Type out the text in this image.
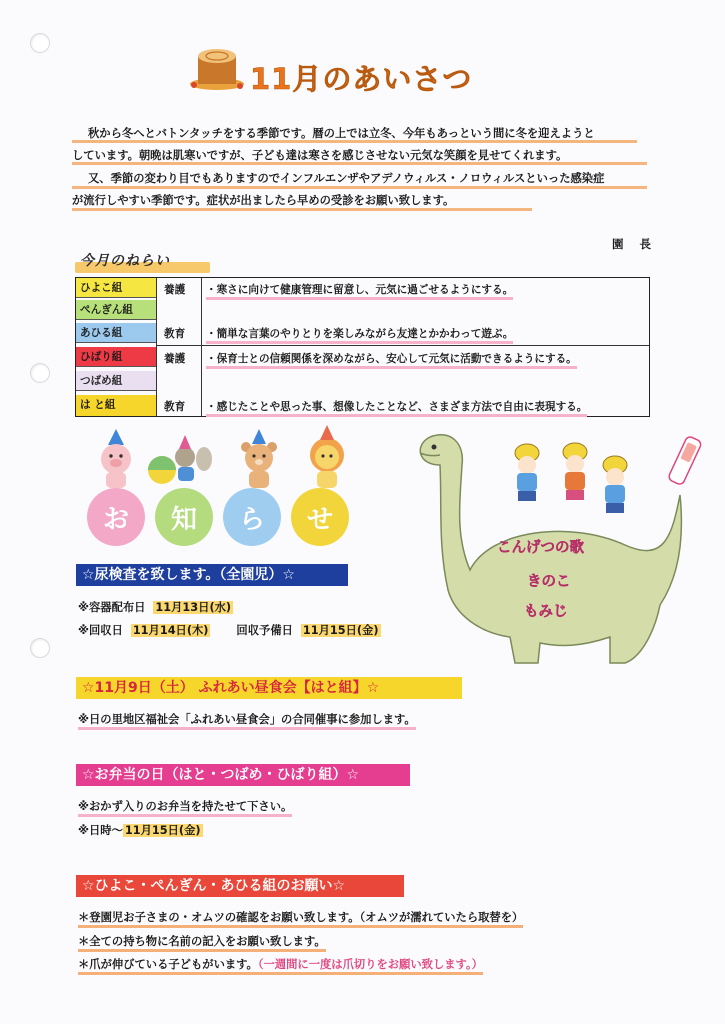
11月のあいさつ
秋から冬へとバトンタッチをする季節です。暦の上では立冬、今年もあっという間に冬を迎えようと
しています。朝晩は肌寒いですが、子ども達は寒さを感じさせない元気な笑顔を見せてくれます。
又、季節の変わり目でもありますのでインフルエンザやアデノウィルス・ノロウィルスといった感染症
が流行しやすい季節です。症状が出ましたら早めの受診をお願い致します。
園 長
今月のねらい
ひよこ組
ぺんぎん組
あひる組
ひばり組
つばめ組
は と組
養護
教育
養護
教育
・寒さに向けて健康管理に留意し、元気に過ごせるようにする。
・簡単な言葉のやりとりを楽しみながら友達とかかわって遊ぶ。
・保育士との信頼関係を深めながら、安心して元気に活動できるようにする。
・感じたことや思った事、想像したことなど、さまざま方法で自由に表現する。
お 知 ら せ
こんげつの歌
きのこ
もみじ
☆尿検査を致します。（全園児）☆
※容器配布日 11月13日(水)
※回収日 11月14日(木) 回収予備日 11月15日(金)
☆11月9日（土） ふれあい昼食会【はと組】☆
※日の里地区福祉会「ふれあい昼食会」の合同催事に参加します。
☆お弁当の日（はと・つばめ・ひばり組）☆
※おかず入りのお弁当を持たせて下さい。
※日時～ 11月15日(金)
☆ひよこ・ぺんぎん・あひる組のお願い☆
＊登園児お子さまの・オムツの確認をお願い致します。（オムツが濡れていたら取替を）
＊全ての持ち物に名前の記入をお願い致します。
＊爪が伸びている子どもがいます。（一週間に一度は爪切りをお願い致します。）
